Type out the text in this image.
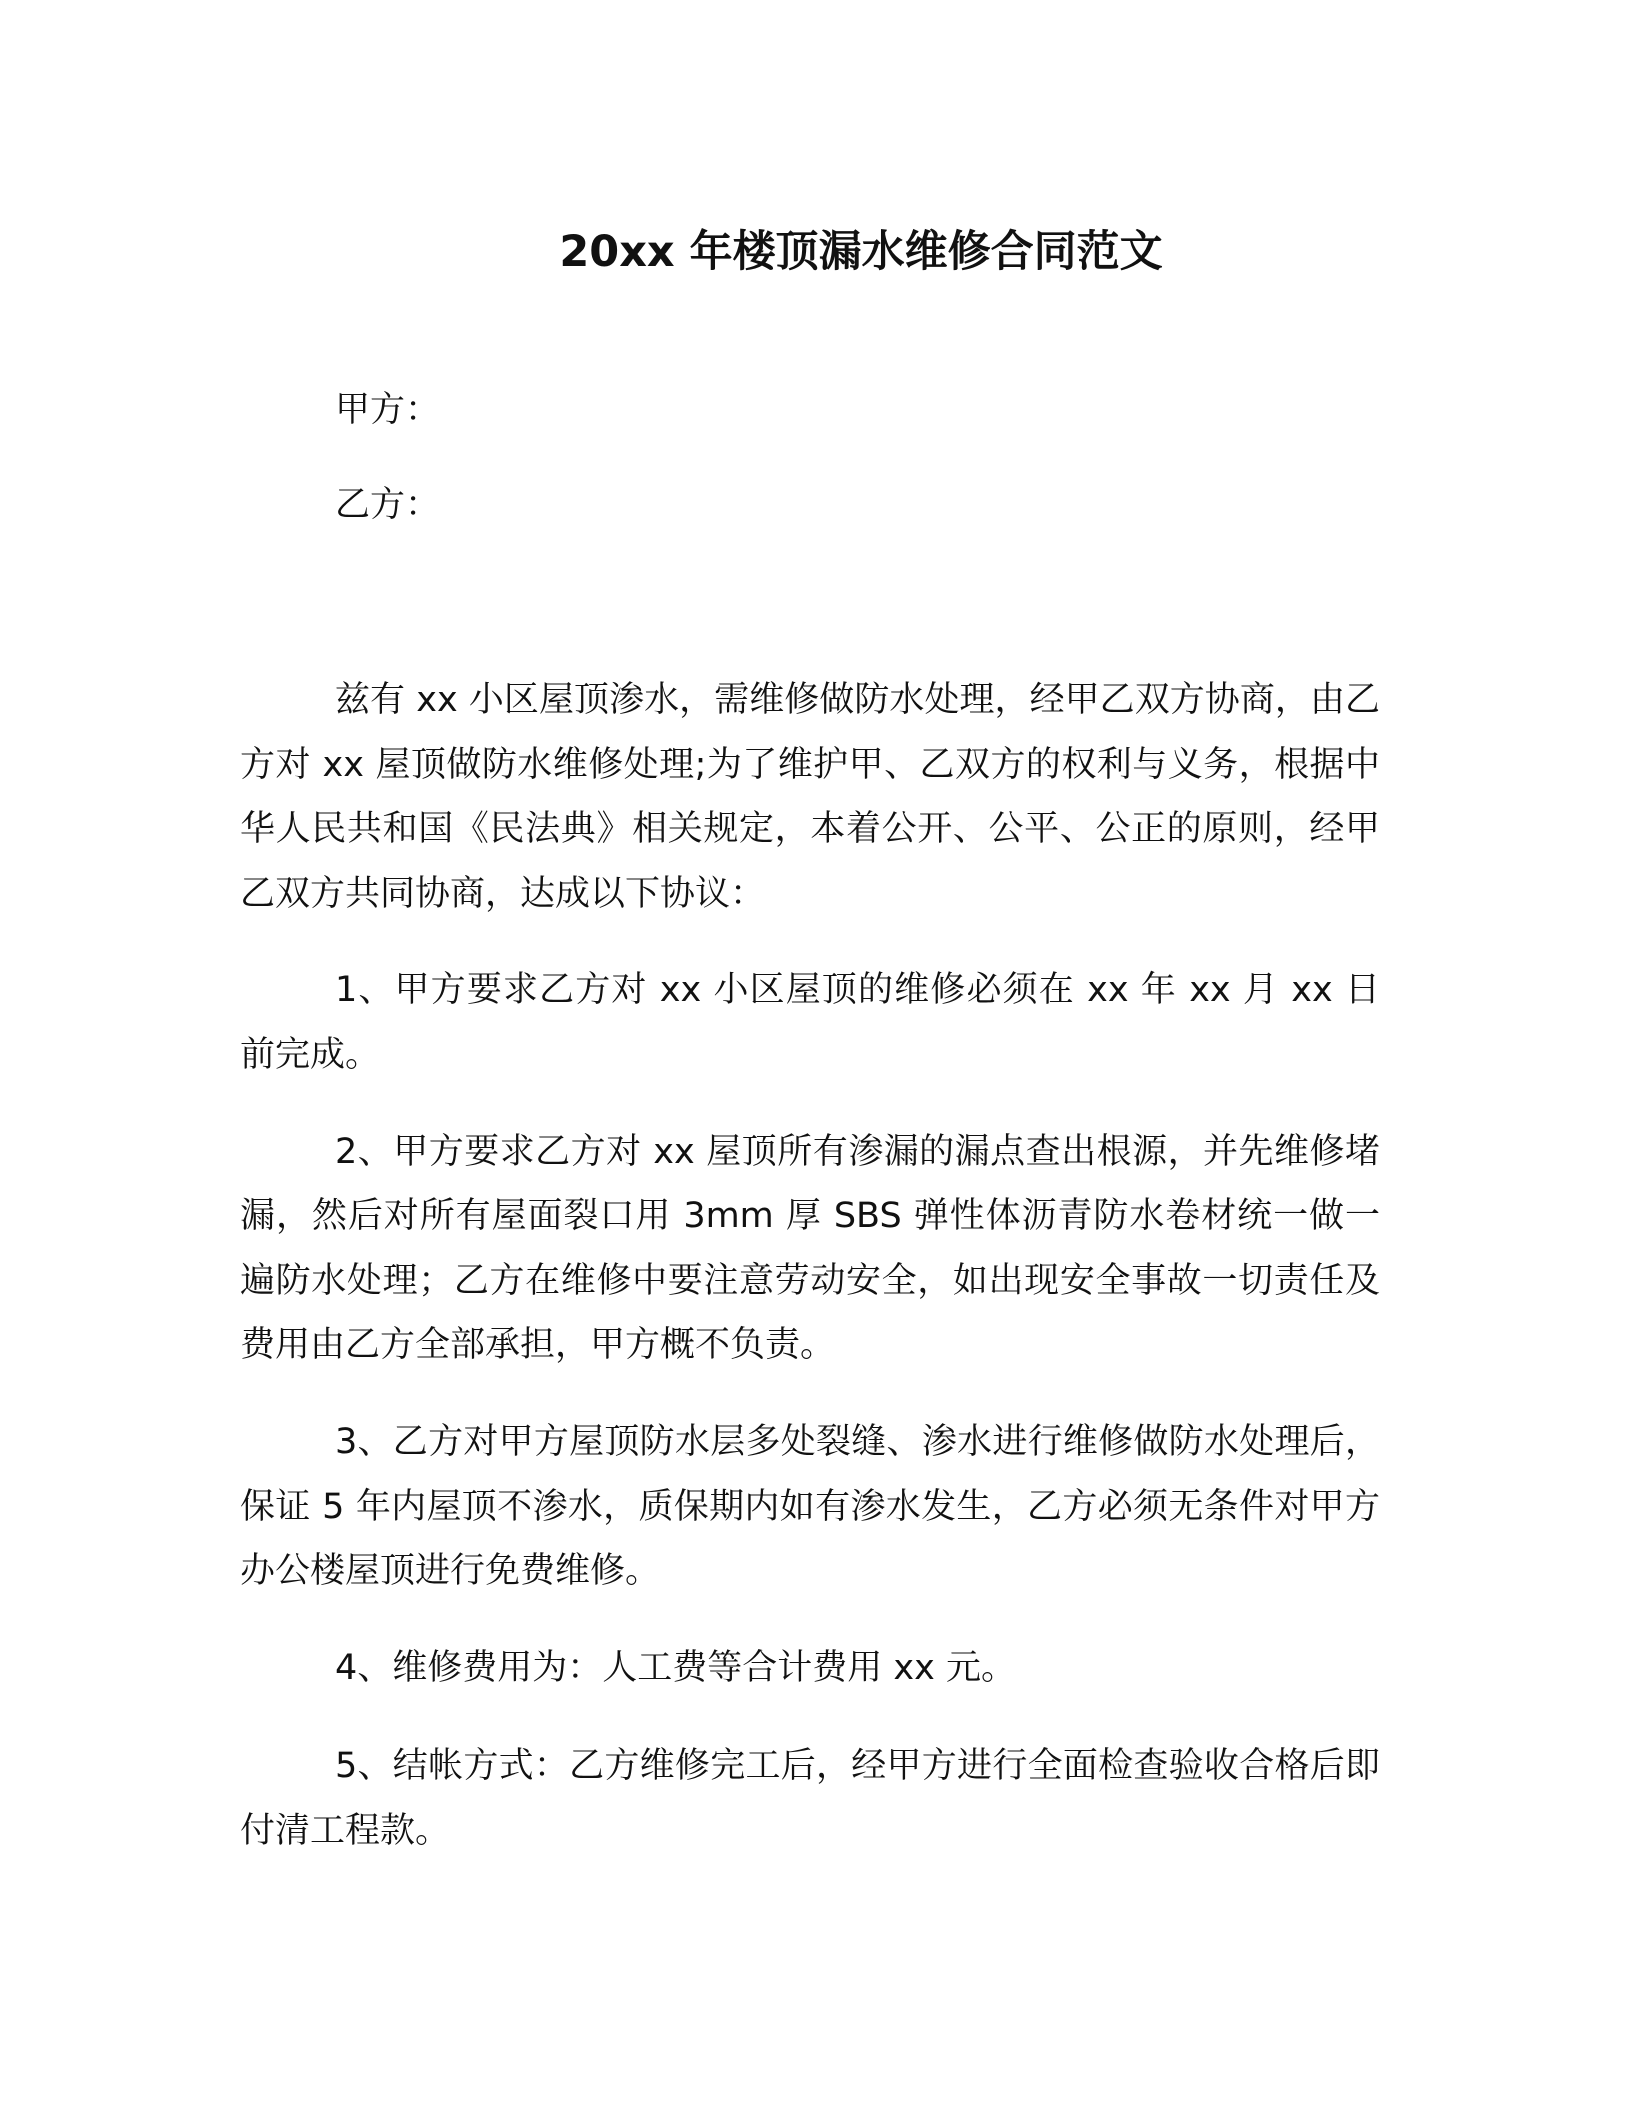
20xx 年楼顶漏水维修合同范文
甲方：
乙方：

兹有 xx 小区屋顶渗水，需维修做防水处理，经甲乙双方协商，由乙方对 xx 屋顶做防水维修处理;为了维护甲、乙双方的权利与义务，根据中华人民共和国《民法典》相关规定，本着公开、公平、公正的原则，经甲乙双方共同协商，达成以下协议：

1、甲方要求乙方对 xx 小区屋顶的维修必须在 xx 年 xx 月 xx 日前完成。

2、甲方要求乙方对 xx 屋顶所有渗漏的漏点查出根源，并先维修堵漏，然后对所有屋面裂口用 3mm 厚 SBS 弹性体沥青防水卷材统一做一遍防水处理；乙方在维修中要注意劳动安全，如出现安全事故一切责任及费用由乙方全部承担，甲方概不负责。

3、乙方对甲方屋顶防水层多处裂缝、渗水进行维修做防水处理后，保证 5 年内屋顶不渗水，质保期内如有渗水发生，乙方必须无条件对甲方办公楼屋顶进行免费维修。

4、维修费用为：人工费等合计费用 xx 元。

5、结帐方式：乙方维修完工后，经甲方进行全面检查验收合格后即付清工程款。
